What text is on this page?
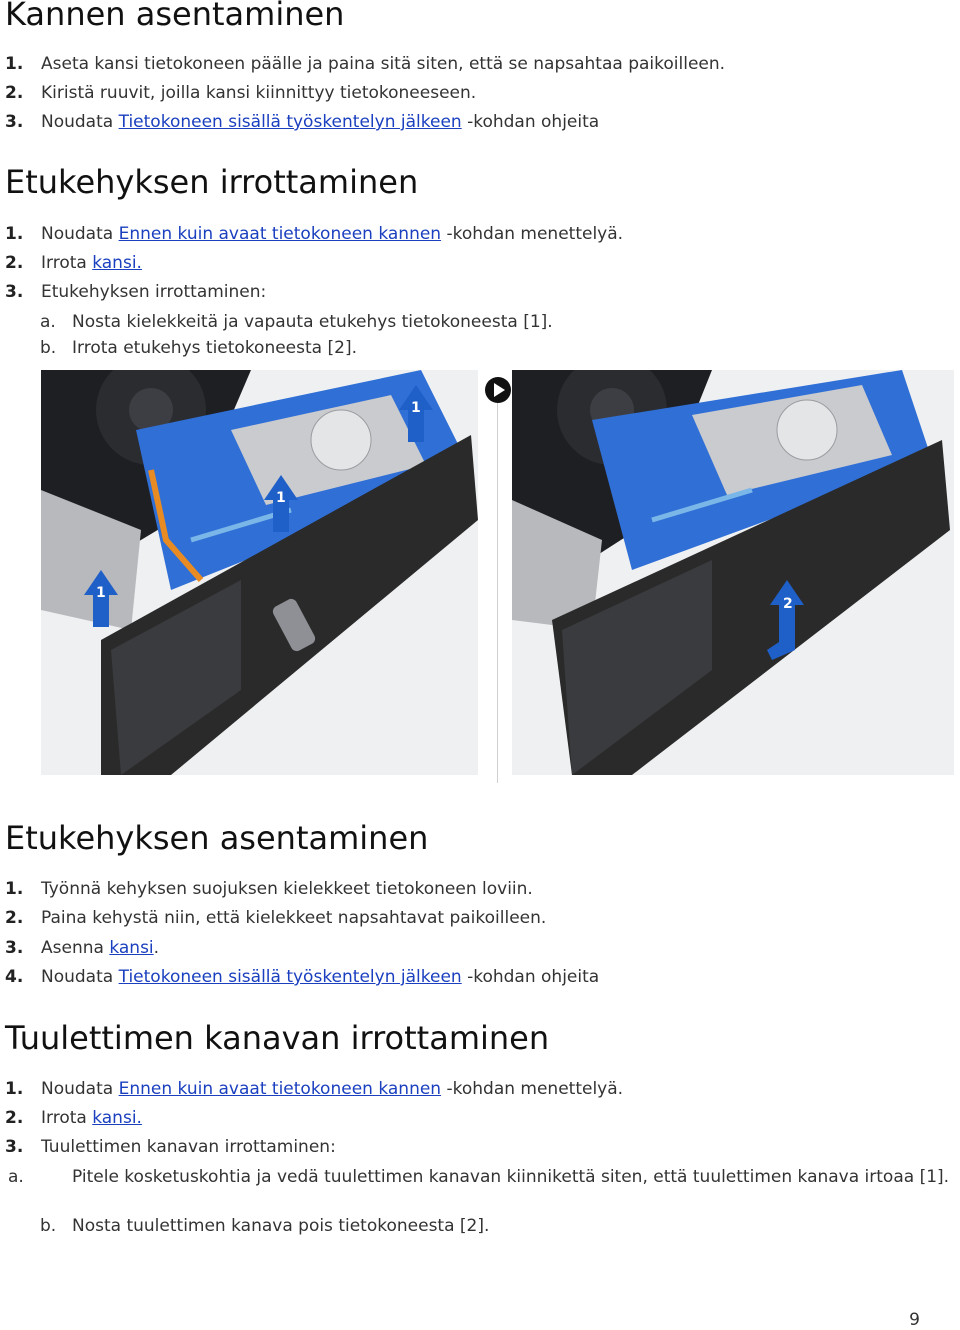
Kannen asentaminen
1. Aseta kansi tietokoneen päälle ja paina sitä siten, että se napsahtaa paikoilleen.
2. Kiristä ruuvit, joilla kansi kiinnittyy tietokoneeseen.
3. Noudata Tietokoneen sisällä työskentelyn jälkeen -kohdan ohjeita
Etukehyksen irrottaminen
1. Noudata Ennen kuin avaat tietokoneen kannen -kohdan menettelyä.
2. Irrota kansi.
3. Etukehyksen irrottaminen:
a. Nosta kielekkeitä ja vapauta etukehys tietokoneesta [1].
b. Irrota etukehys tietokoneesta [2].
1
1
1
2
Etukehyksen asentaminen
1. Työnnä kehyksen suojuksen kielekkeet tietokoneen loviin.
2. Paina kehystä niin, että kielekkeet napsahtavat paikoilleen.
3. Asenna kansi.
4. Noudata Tietokoneen sisällä työskentelyn jälkeen -kohdan ohjeita
Tuulettimen kanavan irrottaminen
1. Noudata Ennen kuin avaat tietokoneen kannen -kohdan menettelyä.
2. Irrota kansi.
3. Tuulettimen kanavan irrottaminen:
a.	Pitele kosketuskohtia ja vedä tuulettimen kanavan kiinnikettä siten, että tuulettimen kanava irtoaa [1].
b. Nosta tuulettimen kanava pois tietokoneesta [2].
9
